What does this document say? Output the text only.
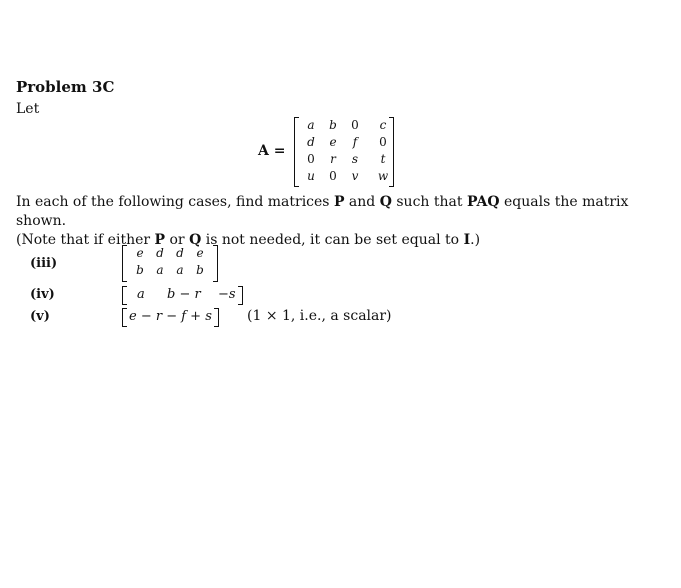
Problem 3C
Let
A =
a	b	0	c
d	e	f	0
0	r	s	t
u	0	v	w
In each of the following cases, find matrices P and Q such that PAQ equals the matrix shown.
(Note that if either P or Q is not needed, it can be set equal to I.)
(iii)
e	d	d	e
b	a	a	b
(iv)	a b − r −s
(v)	e − r − f + s	(1 × 1, i.e., a scalar)
